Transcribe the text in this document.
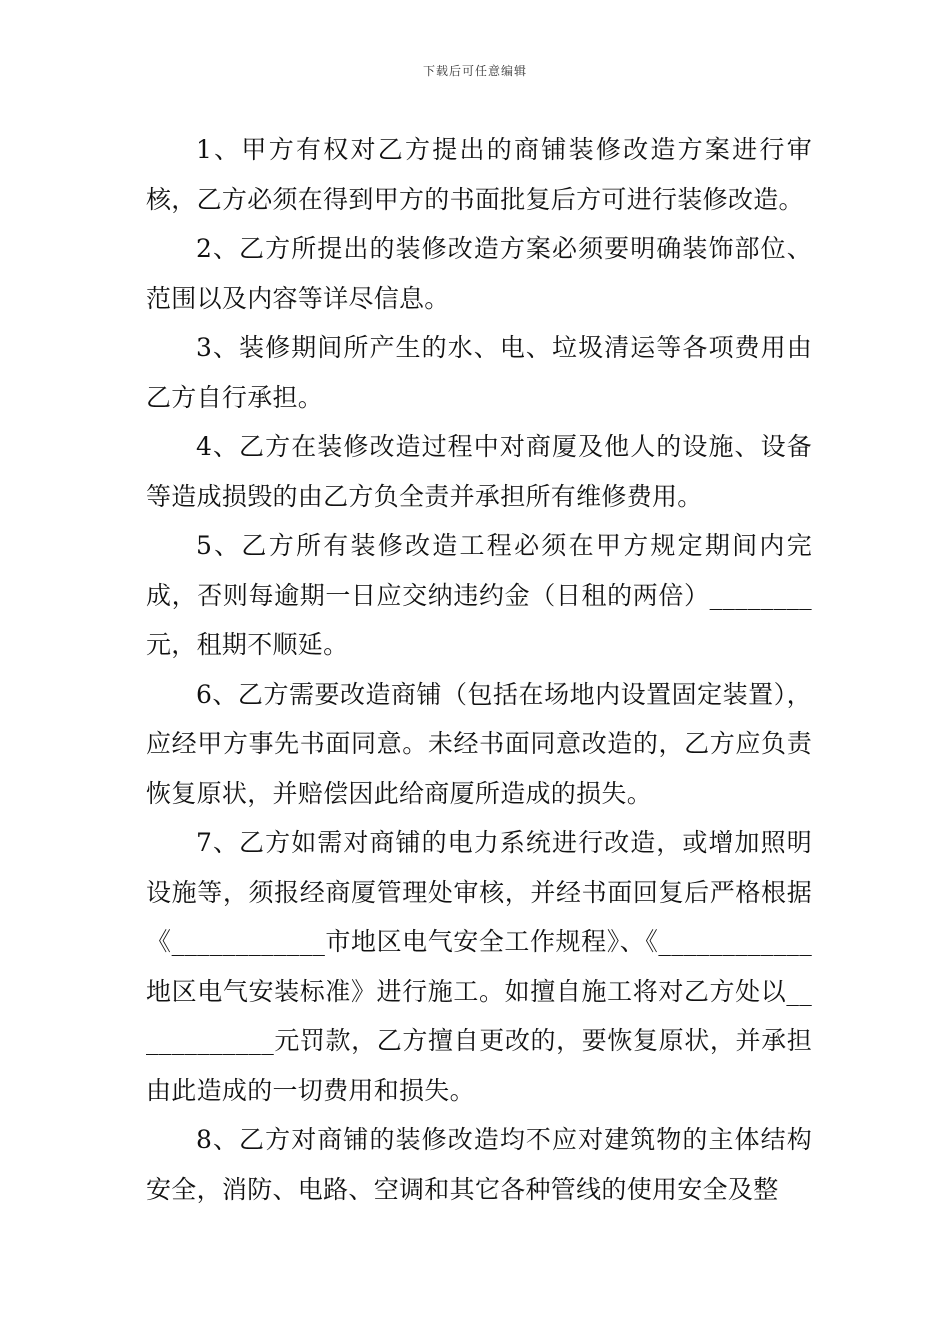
下载后可任意编辑

1、甲方有权对乙方提出的商铺装修改造方案进行审核，乙方必须在得到甲方的书面批复后方可进行装修改造。

2、乙方所提出的装修改造方案必须要明确装饰部位、范围以及内容等详尽信息。

3、装修期间所产生的水、电、垃圾清运等各项费用由乙方自行承担。

4、乙方在装修改造过程中对商厦及他人的设施、设备等造成损毁的由乙方负全责并承担所有维修费用。

5、乙方所有装修改造工程必须在甲方规定期间内完成，否则每逾期一日应交纳违约金（日租的两倍）________元，租期不顺延。

6、乙方需要改造商铺（包括在场地内设置固定装置），应经甲方事先书面同意。未经书面同意改造的，乙方应负责恢复原状，并赔偿因此给商厦所造成的损失。

7、乙方如需对商铺的电力系统进行改造，或增加照明设施等，须报经商厦管理处审核，并经书面回复后严格根据《____________市地区电气安全工作规程》、《____________地区电气安装标准》进行施工。如擅自施工将对乙方处以____________元罚款，乙方擅自更改的，要恢复原状，并承担由此造成的一切费用和损失。

8、乙方对商铺的装修改造均不应对建筑物的主体结构安全，消防、电路、空调和其它各种管线的使用安全及整
